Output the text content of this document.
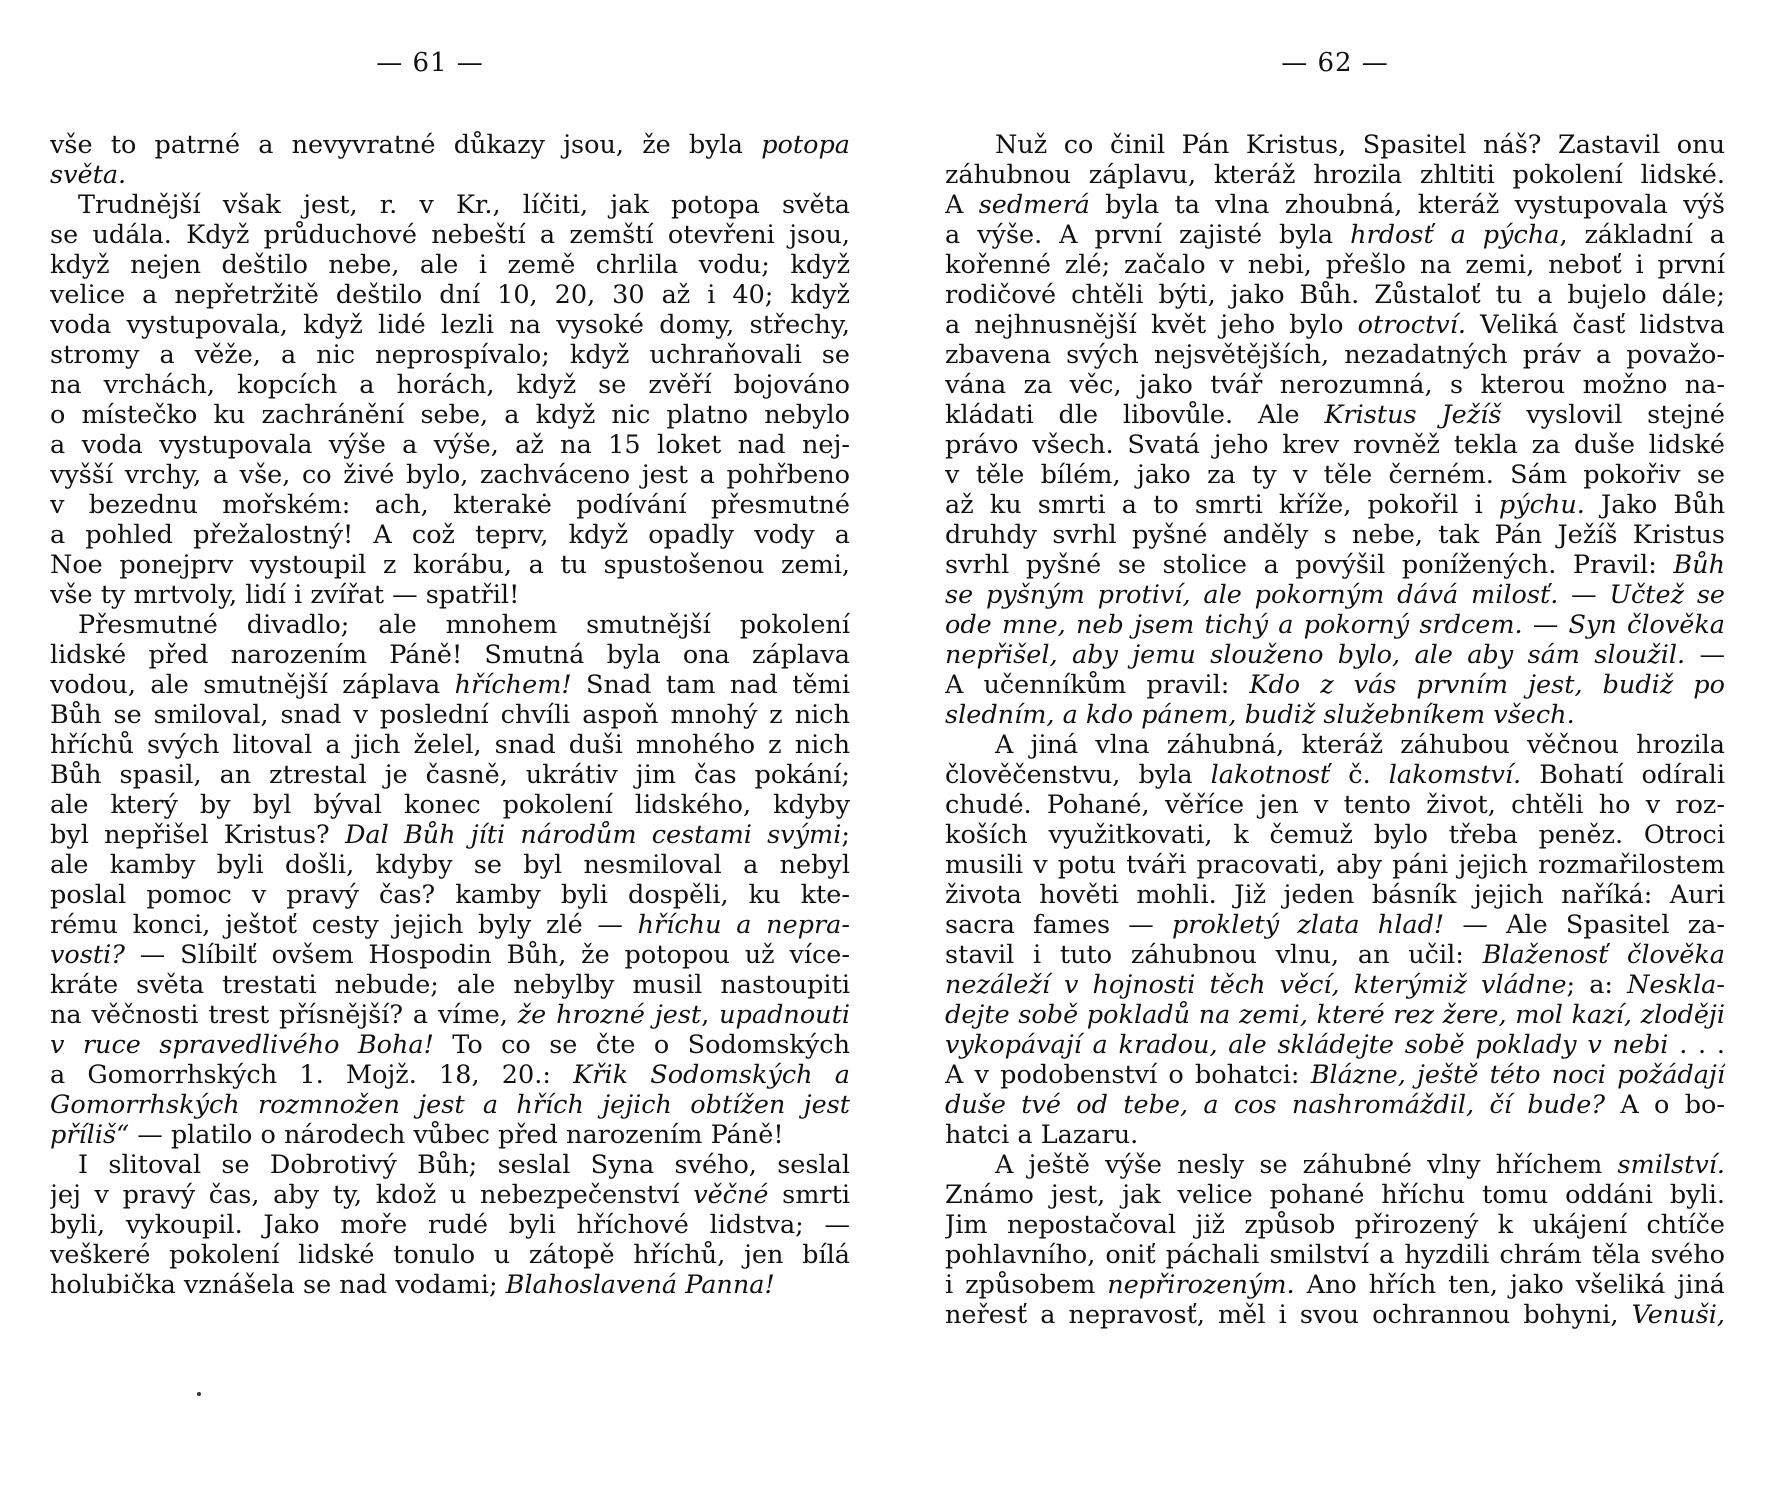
— 61 —
vše to patrné a nevyvratné důkazy jsou, že byla potopa
světa.
Trudnější však jest, r. v Kr., líčiti, jak potopa světa
se udála. Když průduchové nebeští a zemští otevřeni jsou,
když nejen deštilo nebe, ale i země chrlila vodu; když
velice a nepřetržitě deštilo dní 10, 20, 30 až i 40; když
voda vystupovala, když lidé lezli na vysoké domy, střechy,
stromy a věže, a nic neprospívalo; když uchraňovali se
na vrchách, kopcích a horách, když se zvěří bojováno
o místečko ku zachránění sebe, a když nic platno nebylo
a voda vystupovala výše a výše, až na 15 loket nad nej-
vyšší vrchy, a vše, co živé bylo, zachváceno jest a pohřbeno
v bezednu mořském: ach, kterakė podívání přesmutné
a pohled přežalostný! A což teprv, když opadly vody a
Noe ponejprv vystoupil z korábu, a tu spustošenou zemi,
vše ty mrtvoly, lidí i zvířat — spatřil!
Přesmutné divadlo; ale mnohem smutnější pokolení
lidské před narozením Páně! Smutná byla ona záplava
vodou, ale smutnější záplava hříchem! Snad tam nad těmi
Bůh se smiloval, snad v poslední chvíli aspoň mnohý z nich
hříchů svých litoval a jich želel, snad duši mnohého z nich
Bůh spasil, an ztrestal je časně, ukrátiv jim čas pokání;
ale který by byl býval konec pokolení lidského, kdyby
byl nepřišel Kristus? Dal Bůh jíti národům cestami svými;
ale kamby byli došli, kdyby se byl nesmiloval a nebyl
poslal pomoc v pravý čas? kamby byli dospěli, ku kte-
rému konci, ještoť cesty jejich byly zlé — hříchu a nepra-
vosti? — Slíbilť ovšem Hospodin Bůh, že potopou už více-
kráte světa trestati nebude; ale nebylby musil nastoupiti
na věčnosti trest přísnější? a víme, že hrozné jest, upadnouti
v ruce spravedlivého Boha! To co se čte o Sodomských
a Gomorrhských 1. Mojž. 18, 20.: Křik Sodomských a
Gomorrhských rozmnožen jest a hřích jejich obtížen jest
příliš“ — platilo o národech vůbec před narozením Páně!
I slitoval se Dobrotivý Bůh; seslal Syna svého, seslal
jej v pravý čas, aby ty, kdož u nebezpečenství věčné smrti
byli, vykoupil. Jako moře rudé byli hříchové lidstva; —
veškeré pokolení lidské tonulo u zátopě hříchů, jen bílá
holubička vznášela se nad vodami; Blahoslavená Panna!
— 62 —
Nuž co činil Pán Kristus, Spasitel náš? Zastavil onu
záhubnou záplavu, kteráž hrozila zhltiti pokolení lidské.
A sedmerá byla ta vlna zhoubná, kteráž vystupovala výš
a výše. A první zajisté byla hrdosť a pýcha, základní a
kořenné zlé; začalo v nebi, přešlo na zemi, neboť i první
rodičové chtěli býti, jako Bůh. Zůstaloť tu a bujelo dále;
a nejhnusnější květ jeho bylo otroctví. Veliká časť lidstva
zbavena svých nejsvětějších, nezadatných práv a považo-
vána za věc, jako tvář nerozumná, s kterou možno na-
kládati dle libovůle. Ale Kristus Ježíš vyslovil stejné
právo všech. Svatá jeho krev rovněž tekla za duše lidské
v těle bílém, jako za ty v těle černém. Sám pokořiv se
až ku smrti a to smrti kříže, pokořil i pýchu. Jako Bůh
druhdy svrhl pyšné anděly s nebe, tak Pán Ježíš Kristus
svrhl pyšné se stolice a povýšil ponížených. Pravil: Bůh
se pyšným protiví, ale pokorným dává milosť. — Učtež se
ode mne, neb jsem tichý a pokorný srdcem. — Syn člověka
nepřišel, aby jemu slouženo bylo, ale aby sám sloužil. —
A učenníkům pravil: Kdo z vás prvním jest, budiž po
sledním, a kdo pánem, budiž služebníkem všech.
A jiná vlna záhubná, kteráž záhubou věčnou hrozila
člověčenstvu, byla lakotnosť č. lakomství. Bohatí odírali
chudé. Pohané, věříce jen v tento život, chtěli ho v roz-
koších využitkovati, k čemuž bylo třeba peněz. Otroci
musili v potu tváři pracovati, aby páni jejich rozmařilostem
života hověti mohli. Již jeden básník jejich naříká: Auri
sacra fames — prokletý zlata hlad! — Ale Spasitel za-
stavil i tuto záhubnou vlnu, an učil: Blaženosť člověka
nezáleží v hojnosti těch věcí, kterýmiž vládne; a: Neskla-
dejte sobě pokladů na zemi, které rez žere, mol kazí, zloději
vykopávají a kradou, ale skládejte sobě poklady v nebi . . .
A v podobenství o bohatci: Blázne, ještě této noci požádají
duše tvé od tebe, a cos nashromáždil, čí bude? A o bo-
hatci a Lazaru.
A ještě výše nesly se záhubné vlny hříchem smilství.
Známo jest, jak velice pohané hříchu tomu oddáni byli.
Jim nepostačoval již způsob přirozený k ukájení chtíče
pohlavního, oniť páchali smilství a hyzdili chrám těla svého
i způsobem nepřirozeným. Ano hřích ten, jako všeliká jiná
neřesť a nepravosť, měl i svou ochrannou bohyni, Venuši,
